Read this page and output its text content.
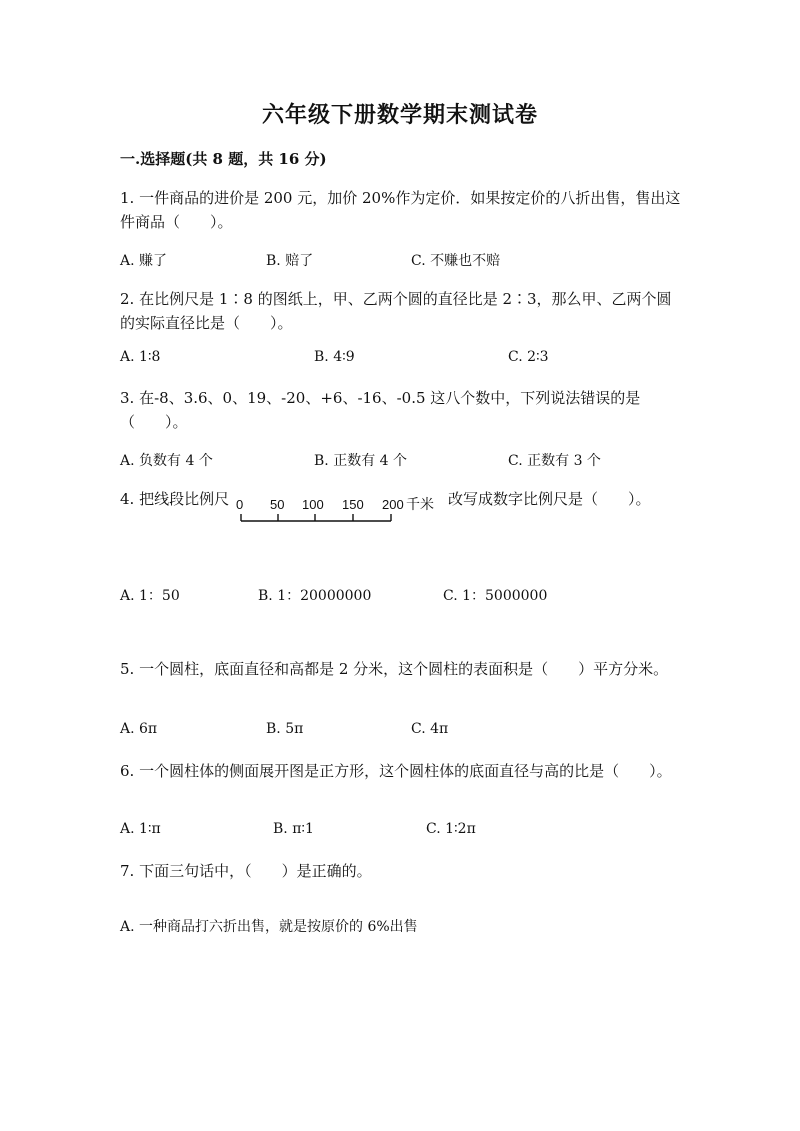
六年级下册数学期末测试卷
一.选择题(共 8 题，共 16 分)
1. 一件商品的进价是 200 元，加价 20%作为定价．如果按定价的八折出售，售出这件商品（　　）。
A. 赚了	B. 赔了	C. 不赚也不赔
2. 在比例尺是 1∶8 的图纸上，甲、乙两个圆的直径比是 2∶3，那么甲、乙两个圆的实际直径比是（　　）。
A. 1∶8	B. 4∶9	C. 2∶3
3. 在-8、3.6、0、19、-20、+6、-16、-0.5 这八个数中，下列说法错误的是（　　）。
A. 负数有 4 个	B. 正数有 4 个	C. 正数有 3 个
4. 把线段比例尺 0 50 100 150 200 千米 改写成数字比例尺是（　　）。
A. 1：50	B. 1：20000000	C. 1：5000000
5. 一个圆柱，底面直径和高都是 2 分米，这个圆柱的表面积是（　　）平方分米。
A. 6π	B. 5π	C. 4π
6. 一个圆柱体的侧面展开图是正方形，这个圆柱体的底面直径与高的比是（　　）。
A. 1∶π	B. π∶1	C. 1∶2π
7. 下面三句话中，（　　）是正确的。
A. 一种商品打六折出售，就是按原价的 6%出售
